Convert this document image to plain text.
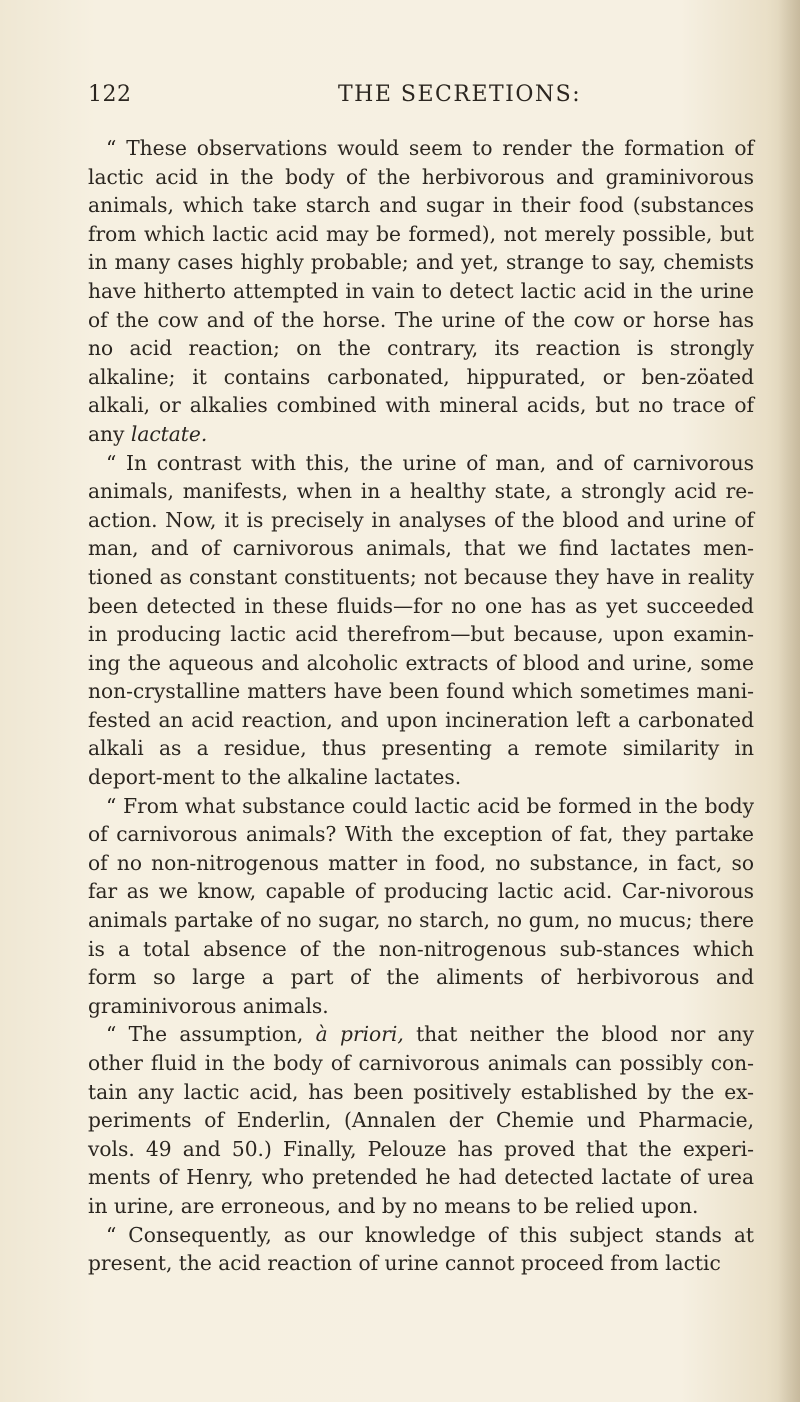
122	THE SECRETIONS:

“ These observations would seem to render the formation of lactic acid in the body of the herbivorous and graminivorous animals, which take starch and sugar in their food (substances from which lactic acid may be formed), not merely possible, but in many cases highly probable; and yet, strange to say, chemists have hitherto attempted in vain to detect lactic acid in the urine of the cow and of the horse. The urine of the cow or horse has no acid reaction; on the contrary, its reaction is strongly alkaline; it contains carbonated, hippurated, or ben-zöated alkali, or alkalies combined with mineral acids, but no trace of any lactate.

“ In contrast with this, the urine of man, and of carnivorous animals, manifests, when in a healthy state, a strongly acid re-action. Now, it is precisely in analyses of the blood and urine of man, and of carnivorous animals, that we find lactates men-tioned as constant constituents; not because they have in reality been detected in these fluids—for no one has as yet succeeded in producing lactic acid therefrom—but because, upon examin-ing the aqueous and alcoholic extracts of blood and urine, some non-crystalline matters have been found which sometimes mani-fested an acid reaction, and upon incineration left a carbonated alkali as a residue, thus presenting a remote similarity in deport-ment to the alkaline lactates.

“ From what substance could lactic acid be formed in the body of carnivorous animals? With the exception of fat, they partake of no non-nitrogenous matter in food, no substance, in fact, so far as we know, capable of producing lactic acid. Car-nivorous animals partake of no sugar, no starch, no gum, no mucus; there is a total absence of the non-nitrogenous sub-stances which form so large a part of the aliments of herbivorous and graminivorous animals.

“ The assumption, à priori, that neither the blood nor any other fluid in the body of carnivorous animals can possibly con-tain any lactic acid, has been positively established by the ex-periments of Enderlin, (Annalen der Chemie und Pharmacie, vols. 49 and 50.) Finally, Pelouze has proved that the experi-ments of Henry, who pretended he had detected lactate of urea in urine, are erroneous, and by no means to be relied upon.

“ Consequently, as our knowledge of this subject stands at present, the acid reaction of urine cannot proceed from lactic
